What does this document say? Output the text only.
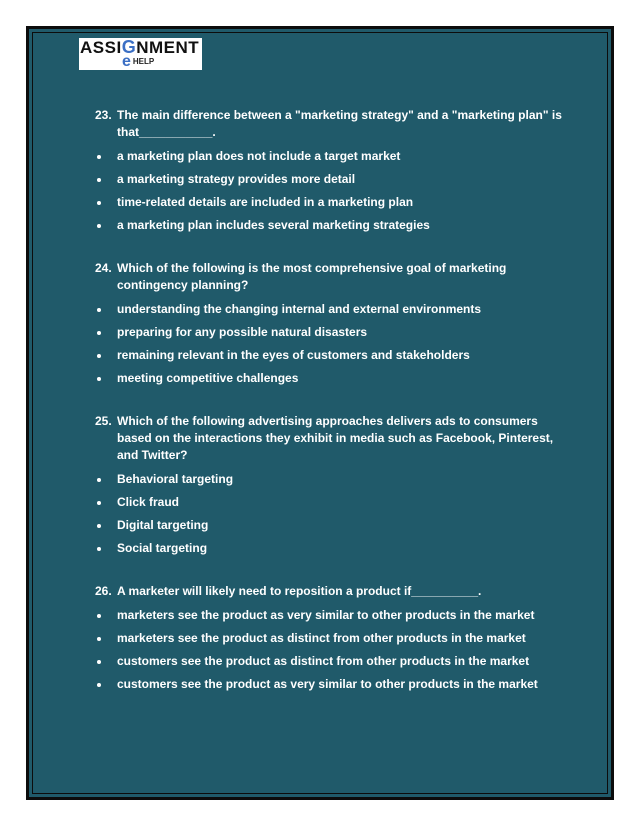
ASSIGNMENT
e HELP
23. The main difference between a "marketing strategy" and a "marketing plan" is that___________.
a marketing plan does not include a target market
a marketing strategy provides more detail
time-related details are included in a marketing plan
a marketing plan includes several marketing strategies
24. Which of the following is the most comprehensive goal of marketing contingency planning?
understanding the changing internal and external environments
preparing for any possible natural disasters
remaining relevant in the eyes of customers and stakeholders
meeting competitive challenges
25. Which of the following advertising approaches delivers ads to consumers based on the interactions they exhibit in media such as Facebook, Pinterest, and Twitter?
Behavioral targeting
Click fraud
Digital targeting
Social targeting
26. A marketer will likely need to reposition a product if__________.
marketers see the product as very similar to other products in the market
marketers see the product as distinct from other products in the market
customers see the product as distinct from other products in the market
customers see the product as very similar to other products in the market
